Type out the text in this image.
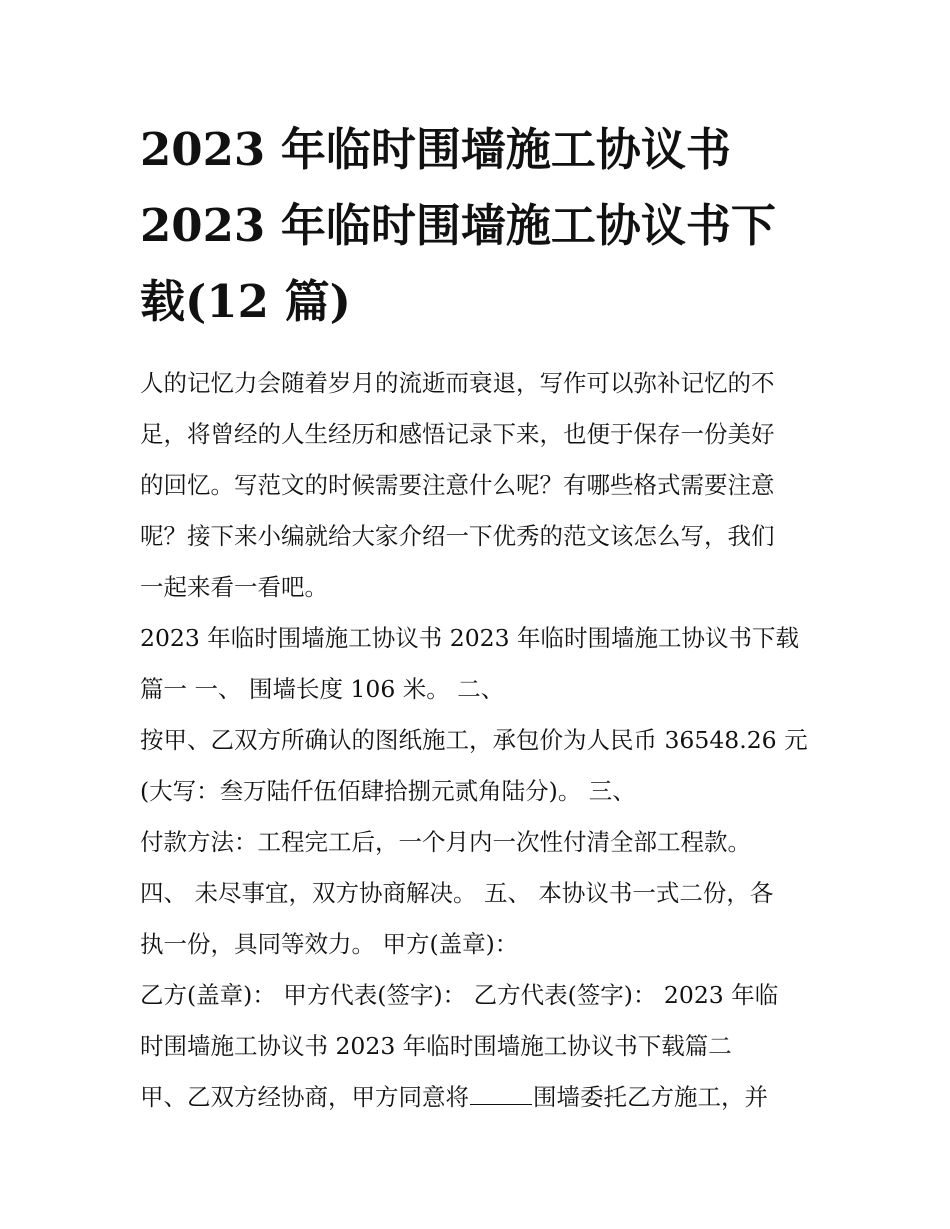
2023 年临时围墙施工协议书
2023 年临时围墙施工协议书下
载(12 篇)
人的记忆力会随着岁月的流逝而衰退，写作可以弥补记忆的不
足，将曾经的人生经历和感悟记录下来，也便于保存一份美好
的回忆。写范文的时候需要注意什么呢？有哪些格式需要注意
呢？接下来小编就给大家介绍一下优秀的范文该怎么写，我们
一起来看一看吧。
2023 年临时围墙施工协议书 2023 年临时围墙施工协议书下载
篇一 一、 围墙长度 106 米。 二、
按甲、乙双方所确认的图纸施工，承包价为人民币 36548.26 元
(大写：叁万陆仟伍佰肆拾捌元贰角陆分)。 三、
付款方法：工程完工后，一个月内一次性付清全部工程款。
四、 未尽事宜，双方协商解决。 五、 本协议书一式二份，各
执一份，具同等效力。 甲方(盖章)：
乙方(盖章)： 甲方代表(签字)： 乙方代表(签字)： 2023 年临
时围墙施工协议书 2023 年临时围墙施工协议书下载篇二
甲、乙双方经协商，甲方同意将	围墙委托乙方施工，并
